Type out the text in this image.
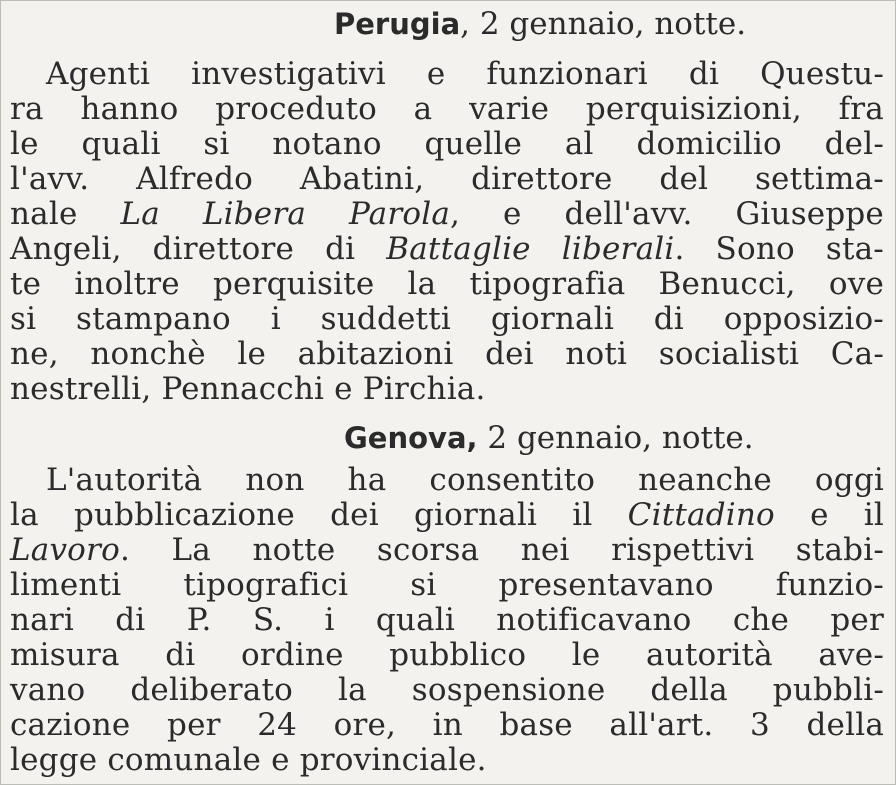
Perugia, 2 gennaio, notte.
Agenti investigativi e funzionari di Questu-
ra hanno proceduto a varie perquisizioni, fra
le quali si notano quelle al domicilio del-
l'avv. Alfredo Abatini, direttore del settima-
nale La Libera Parola, e dell'avv. Giuseppe
Angeli, direttore di Battaglie liberali. Sono sta-
te inoltre perquisite la tipografia Benucci, ove
si stampano i suddetti giornali di opposizio-
ne, nonchè le abitazioni dei noti socialisti Ca-
nestrelli, Pennacchi e Pirchia.
Genova, 2 gennaio, notte.
L'autorità non ha consentito neanche oggi
la pubblicazione dei giornali il Cittadino e il
Lavoro. La notte scorsa nei rispettivi stabi-
limenti tipografici si presentavano funzio-
nari di P. S. i quali notificavano che per
misura di ordine pubblico le autorità ave-
vano deliberato la sospensione della pubbli-
cazione per 24 ore, in base all'art. 3 della
legge comunale e provinciale.
